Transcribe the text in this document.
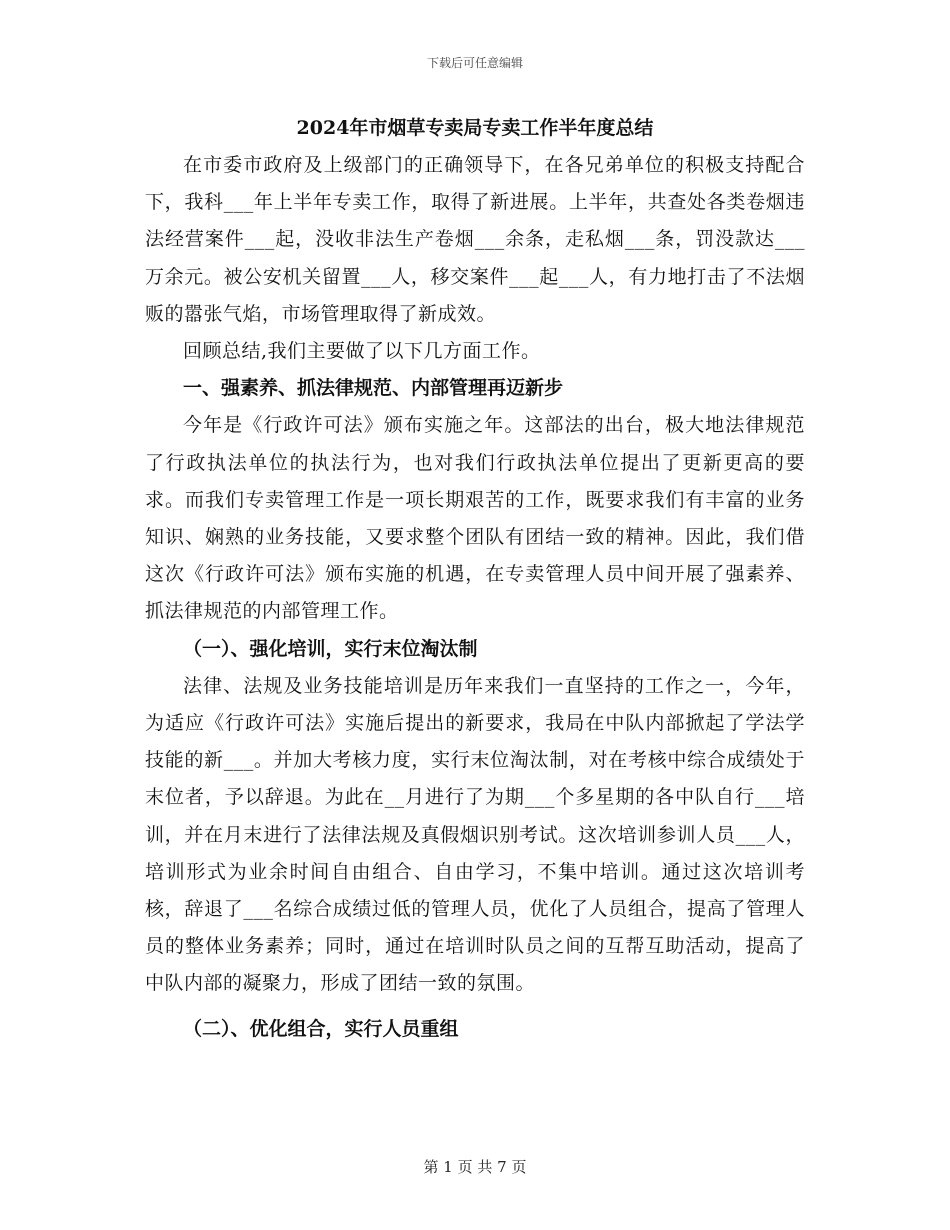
下载后可任意编辑

2024年市烟草专卖局专卖工作半年度总结

在市委市政府及上级部门的正确领导下，在各兄弟单位的积极支持配合下，我科___年上半年专卖工作，取得了新进展。上半年，共查处各类卷烟违法经营案件___起，没收非法生产卷烟___余条，走私烟___条，罚没款达___万余元。被公安机关留置___人，移交案件___起___人，有力地打击了不法烟贩的嚣张气焰，市场管理取得了新成效。

回顾总结,我们主要做了以下几方面工作。

一、强素养、抓法律规范、内部管理再迈新步

今年是《行政许可法》颁布实施之年。这部法的出台，极大地法律规范了行政执法单位的执法行为，也对我们行政执法单位提出了更新更高的要求。而我们专卖管理工作是一项长期艰苦的工作，既要求我们有丰富的业务知识、娴熟的业务技能，又要求整个团队有团结一致的精神。因此，我们借这次《行政许可法》颁布实施的机遇，在专卖管理人员中间开展了强素养、抓法律规范的内部管理工作。

（一）、强化培训，实行末位淘汰制

法律、法规及业务技能培训是历年来我们一直坚持的工作之一，今年，为适应《行政许可法》实施后提出的新要求，我局在中队内部掀起了学法学技能的新___。并加大考核力度，实行末位淘汰制，对在考核中综合成绩处于末位者，予以辞退。为此在__月进行了为期___个多星期的各中队自行___培训，并在月末进行了法律法规及真假烟识别考试。这次培训参训人员___人，培训形式为业余时间自由组合、自由学习，不集中培训。通过这次培训考核，辞退了___名综合成绩过低的管理人员，优化了人员组合，提高了管理人员的整体业务素养；同时，通过在培训时队员之间的互帮互助活动，提高了中队内部的凝聚力，形成了团结一致的氛围。

（二）、优化组合，实行人员重组

第 1 页 共 7 页
